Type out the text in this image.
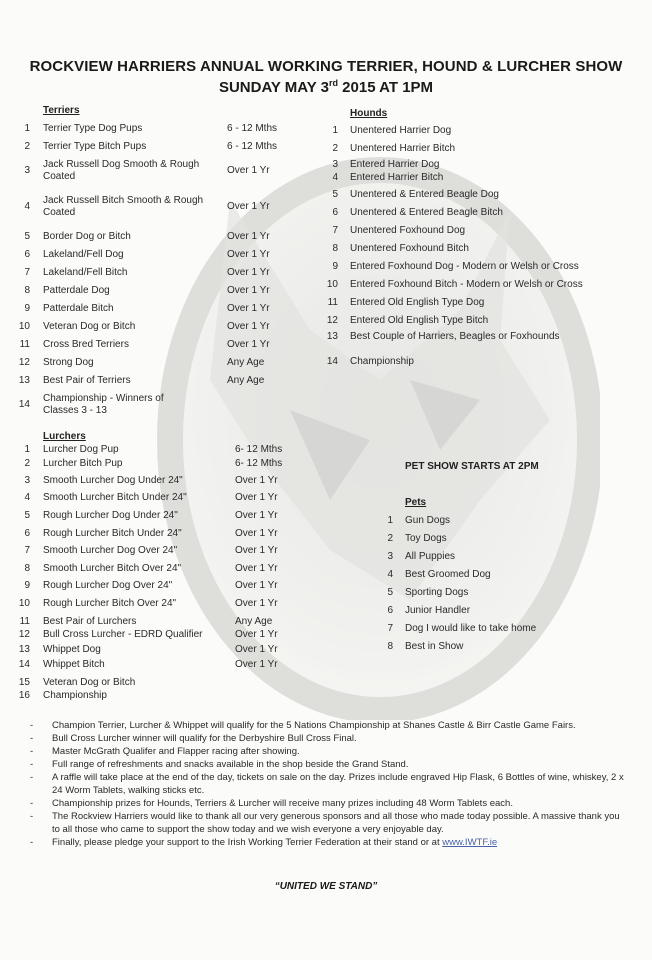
ROCKVIEW HARRIERS ANNUAL WORKING TERRIER, HOUND & LURCHER SHOW
SUNDAY MAY 3rd 2015 AT 1PM
Terriers
1 Terrier Type Dog Pups	6 - 12 Mths
2 Terrier Type Bitch Pups	6 - 12 Mths
3
Jack Russell Dog Smooth & Rough
Coated
Over 1 Yr
4
Jack Russell Bitch Smooth & Rough
Coated
Over 1 Yr
5 Border Dog or Bitch	Over 1 Yr
6 Lakeland/Fell Dog	Over 1 Yr
7 Lakeland/Fell Bitch	Over 1 Yr
8 Patterdale Dog	Over 1 Yr
9 Patterdale Bitch	Over 1 Yr
10 Veteran Dog or Bitch	Over 1 Yr
11 Cross Bred Terriers	Over 1 Yr
12 Strong Dog	Any Age
13 Best Pair of Terriers	Any Age
14
Championship - Winners of
Classes 3 - 13
Hounds
1 Unentered Harrier Dog
2 Unentered Harrier Bitch
3 Entered Harrier Dog
4 Entered Harrier Bitch
5 Unentered & Entered Beagle Dog
6 Unentered & Entered Beagle Bitch
7 Unentered Foxhound Dog
8 Unentered Foxhound Bitch
9 Entered Foxhound Dog - Modern or Welsh or Cross
10 Entered Foxhound Bitch - Modern or Welsh or Cross
11 Entered Old English Type Dog
12 Entered Old English Type Bitch
13 Best Couple of Harriers, Beagles or Foxhounds
14 Championship
Lurchers
1 Lurcher Dog Pup	6- 12 Mths
2 Lurcher Bitch Pup	6- 12 Mths
3 Smooth Lurcher Dog Under 24"	Over 1 Yr
4 Smooth Lurcher Bitch Under 24"	Over 1 Yr
5 Rough Lurcher Dog Under 24"	Over 1 Yr
6 Rough Lurcher Bitch Under 24"	Over 1 Yr
7 Smooth Lurcher Dog Over 24"	Over 1 Yr
8 Smooth Lurcher Bitch Over 24"	Over 1 Yr
9 Rough Lurcher Dog Over 24"	Over 1 Yr
10 Rough Lurcher Bitch Over 24"	Over 1 Yr
11 Best Pair of Lurchers	Any Age
12 Bull Cross Lurcher - EDRD Qualifier	Over 1 Yr
13 Whippet Dog	Over 1 Yr
14 Whippet Bitch	Over 1 Yr
15 Veteran Dog or Bitch
16 Championship
Pets
1 Gun Dogs
2 Toy Dogs
3 All Puppies
4 Best Groomed Dog
5 Sporting Dogs
6 Junior Handler
7 Dog I would like to take home
8 Best in Show
PET SHOW STARTS AT 2PM
-	Champion Terrier, Lurcher & Whippet will qualify for the 5 Nations Championship at Shanes Castle & Birr Castle Game Fairs.
-	Bull Cross Lurcher winner will qualify for the Derbyshire Bull Cross Final.
-	Master McGrath Qualifer and Flapper racing after showing.
-	Full range of refreshments and snacks available in the shop beside the Grand Stand.
-	A raffle will take place at the end of the day, tickets on sale on the day. Prizes include engraved Hip Flask, 6 Bottles of wine, whiskey, 2 x 24 Worm Tablets, walking sticks etc.
-	Championship prizes for Hounds, Terriers & Lurcher will receive many prizes including 48 Worm Tablets each.
-	The Rockview Harriers would like to thank all our very generous sponsors and all those who made today possible. A massive thank you to all those who came to support the show today and we wish everyone a very enjoyable day.
-	Finally, please pledge your support to the Irish Working Terrier Federation at their stand or at www.IWTF.ie
“UNITED WE STAND”
